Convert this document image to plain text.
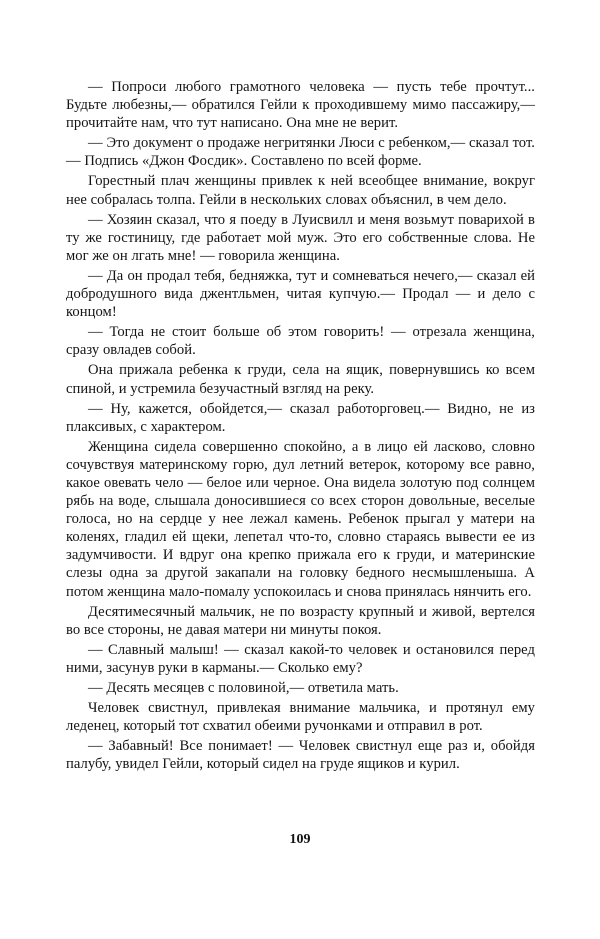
— Попроси любого грамотного человека — пусть тебе прочтут... Будьте любезны,— обратился Гейли к проходившему мимо пассажиру,— прочитайте нам, что тут написано. Она мне не верит.

— Это документ о продаже негритянки Люси с ребенком,— сказал тот.— Подпись «Джон Фосдик». Составлено по всей форме.

Горестный плач женщины привлек к ней всеобщее внимание, вокруг нее собралась толпа. Гейли в нескольких словах объяснил, в чем дело.

— Хозяин сказал, что я поеду в Луисвилл и меня возьмут поварихой в ту же гостиницу, где работает мой муж. Это его собственные слова. Не мог же он лгать мне! — говорила женщина.

— Да он продал тебя, бедняжка, тут и сомневаться нечего,— сказал ей добродушного вида джентльмен, читая купчую.— Продал — и дело с концом!

— Тогда не стоит больше об этом говорить! — отрезала женщина, сразу овладев собой.

Она прижала ребенка к груди, села на ящик, повернувшись ко всем спиной, и устремила безучастный взгляд на реку.

— Ну, кажется, обойдется,— сказал работорговец.— Видно, не из плаксивых, с характером.

Женщина сидела совершенно спокойно, а в лицо ей ласково, словно сочувствуя материнскому горю, дул летний ветерок, которому все равно, какое овевать чело — белое или черное. Она видела золотую под солнцем рябь на воде, слышала доносившиеся со всех сторон довольные, веселые голоса, но на сердце у нее лежал камень. Ребенок прыгал у матери на коленях, гладил ей щеки, лепетал что-то, словно стараясь вывести ее из задумчивости. И вдруг она крепко прижала его к груди, и материнские слезы одна за другой закапали на головку бедного несмышленыша. А потом женщина мало-помалу успокоилась и снова принялась нянчить его.

Десятимесячный мальчик, не по возрасту крупный и живой, вертелся во все стороны, не давая матери ни минуты покоя.

— Славный малыш! — сказал какой-то человек и остановился перед ними, засунув руки в карманы.— Сколько ему?

— Десять месяцев с половиной,— ответила мать.

Человек свистнул, привлекая внимание мальчика, и протянул ему леденец, который тот схватил обеими ручонками и отправил в рот.

— Забавный! Все понимает! — Человек свистнул еще раз и, обойдя палубу, увидел Гейли, который сидел на груде ящиков и курил.

109
